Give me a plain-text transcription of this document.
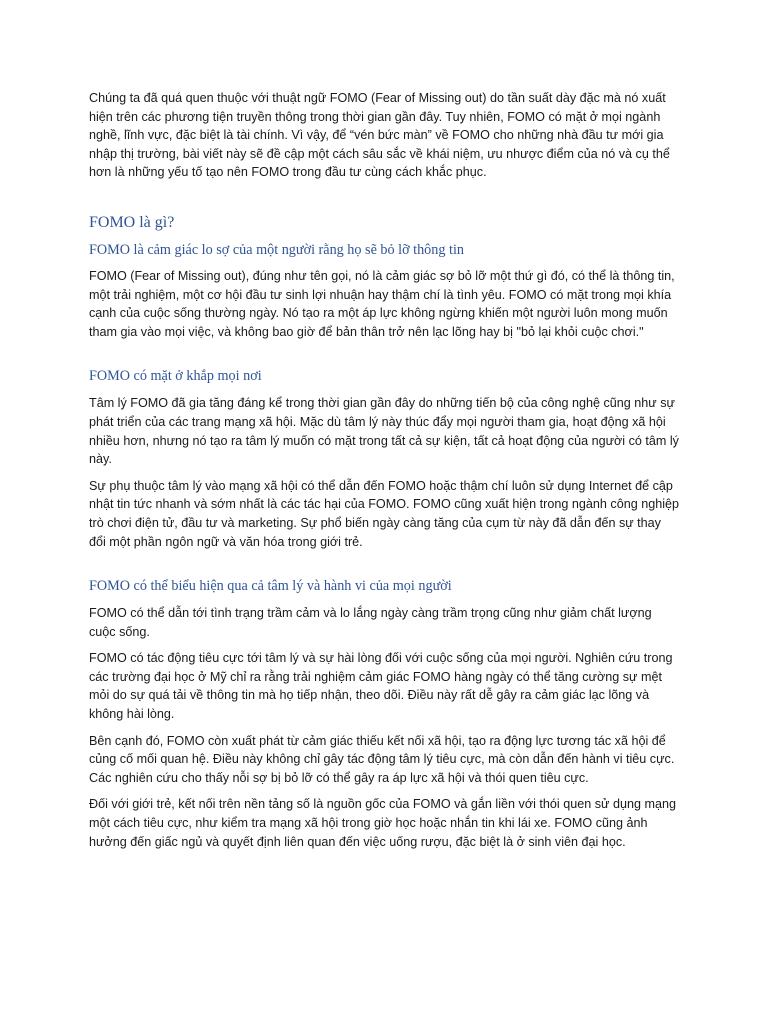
Chúng ta đã quá quen thuộc với thuật ngữ FOMO (Fear of Missing out) do tần suất dày đặc mà nó xuất hiện trên các phương tiện truyền thông trong thời gian gần đây. Tuy nhiên, FOMO có mặt ở mọi ngành nghề, lĩnh vực, đặc biệt là tài chính. Vì vậy, để “vén bức màn” về FOMO cho những nhà đầu tư mới gia nhập thị trường, bài viết này sẽ đề cập một cách sâu sắc về khái niệm, ưu nhược điểm của nó và cụ thể hơn là những yếu tố tạo nên FOMO trong đầu tư cùng cách khắc phục.

FOMO là gì?
FOMO là cảm giác lo sợ của một người rằng họ sẽ bỏ lỡ thông tin

FOMO (Fear of Missing out), đúng như tên gọi, nó là cảm giác sợ bỏ lỡ một thứ gì đó, có thể là thông tin, một trải nghiệm, một cơ hội đầu tư sinh lợi nhuận hay thậm chí là tình yêu. FOMO có mặt trong mọi khía cạnh của cuộc sống thường ngày. Nó tạo ra một áp lực không ngừng khiến một người luôn mong muốn tham gia vào mọi việc, và không bao giờ để bản thân trở nên lạc lõng hay bị "bỏ lại khỏi cuộc chơi."

FOMO có mặt ở khắp mọi nơi

Tâm lý FOMO đã gia tăng đáng kể trong thời gian gần đây do những tiến bộ của công nghệ cũng như sự phát triển của các trang mạng xã hội. Mặc dù tâm lý này thúc đẩy mọi người tham gia, hoạt động xã hội nhiều hơn, nhưng nó tạo ra tâm lý muốn có mặt trong tất cả sự kiện, tất cả hoạt động của người có tâm lý này.

Sự phụ thuộc tâm lý vào mạng xã hội có thể dẫn đến FOMO hoặc thậm chí luôn sử dụng Internet để cập nhật tin tức nhanh và sớm nhất là các tác hại của FOMO. FOMO cũng xuất hiện trong ngành công nghiệp trò chơi điện tử, đầu tư và marketing. Sự phổ biến ngày càng tăng của cụm từ này đã dẫn đến sự thay đổi một phần ngôn ngữ và văn hóa trong giới trẻ.

FOMO có thể biểu hiện qua cả tâm lý và hành vi của mọi người

FOMO có thể dẫn tới tình trạng trầm cảm và lo lắng ngày càng trầm trọng cũng như giảm chất lượng cuộc sống.

FOMO có tác động tiêu cực tới tâm lý và sự hài lòng đối với cuộc sống của mọi người. Nghiên cứu trong các trường đại học ở Mỹ chỉ ra rằng trải nghiệm cảm giác FOMO hàng ngày có thể tăng cường sự mệt mỏi do sự quá tải về thông tin mà họ tiếp nhận, theo dõi. Điều này rất dễ gây ra cảm giác lạc lõng và không hài lòng.

Bên cạnh đó, FOMO còn xuất phát từ cảm giác thiếu kết nối xã hội, tạo ra động lực tương tác xã hội để củng cố mối quan hệ. Điều này không chỉ gây tác động tâm lý tiêu cực, mà còn dẫn đến hành vi tiêu cực. Các nghiên cứu cho thấy nỗi sợ bị bỏ lỡ có thể gây ra áp lực xã hội và thói quen tiêu cực.

Đối với giới trẻ, kết nối trên nền tảng số là nguồn gốc của FOMO và gắn liền với thói quen sử dụng mạng một cách tiêu cực, như kiểm tra mạng xã hội trong giờ học hoặc nhắn tin khi lái xe. FOMO cũng ảnh hưởng đến giấc ngủ và quyết định liên quan đến việc uống rượu, đặc biệt là ở sinh viên đại học.
